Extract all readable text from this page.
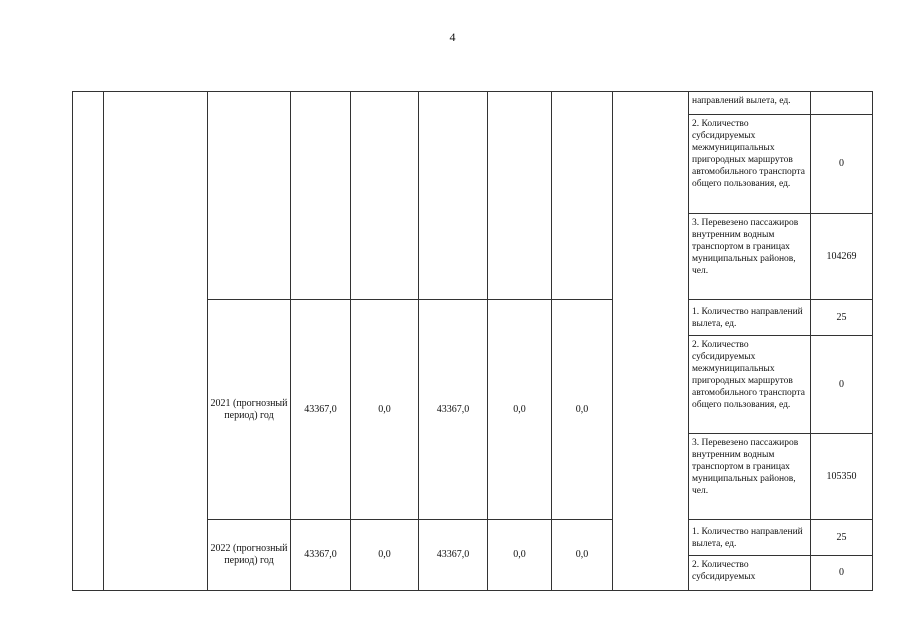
4
									направлений вылета, ед.	
									2. Количество субсидируемых межмуниципальных пригородных маршрутов автомобильного транспорта общего пользования, ед.	0
									3. Перевезено пассажиров внутренним водным транспортом в границах муниципальных районов, чел.	104269
		2021 (прогнозный период) год	43367,0	0,0	43367,0	0,0	0,0		1. Количество направлений вылета, ед.	25
									2. Количество субсидируемых межмуниципальных пригородных маршрутов автомобильного транспорта общего пользования, ед.	0
									3. Перевезено пассажиров внутренним водным транспортом в границах муниципальных районов, чел.	105350
		2022 (прогнозный период) год	43367,0	0,0	43367,0	0,0	0,0		1. Количество направлений вылета, ед.	25
									2. Количество субсидируемых	0
